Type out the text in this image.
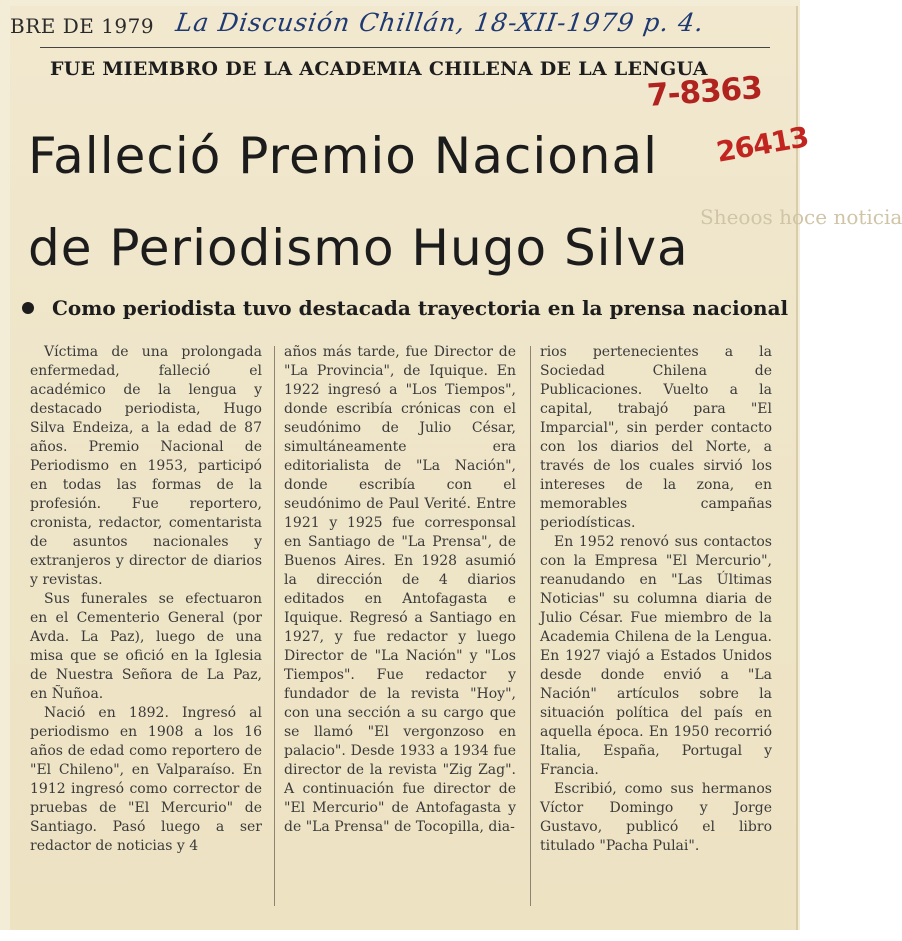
Sheoos hoce noticia
BRE DE 1979 La Discusión Chillán, 18-XII-1979 p. 4.
FUE MIEMBRO DE LA ACADEMIA CHILENA DE LA LENGUA
7-8363
26413
Falleció Premio Nacional
de Periodismo Hugo Silva
Como periodista tuvo destacada trayectoria en la prensa nacional

Víctima de una prolongada enfermedad, falleció el académico de la lengua y destacado periodista, Hugo Silva Endeiza, a la edad de 87 años. Premio Nacional de Periodismo en 1953, participó en todas las formas de la profesión. Fue reportero, cronista, redactor, comentarista de asuntos nacionales y extranjeros y director de diarios y revistas.

Sus funerales se efectuaron en el Cementerio General (por Avda. La Paz), luego de una misa que se ofició en la Iglesia de Nuestra Señora de La Paz, en Ñuñoa.

Nació en 1892. Ingresó al periodismo en 1908 a los 16 años de edad como reportero de "El Chileno", en Valparaíso. En 1912 ingresó como corrector de pruebas de "El Mercurio" de Santiago. Pasó luego a ser redactor de noticias y 4

años más tarde, fue Director de "La Provincia", de Iquique. En 1922 ingresó a "Los Tiempos", donde escribía crónicas con el seudónimo de Julio César, simultáneamente era editorialista de "La Nación", donde escribía con el seudónimo de Paul Verité. Entre 1921 y 1925 fue corresponsal en Santiago de "La Prensa", de Buenos Aires. En 1928 asumió la dirección de 4 diarios editados en Antofagasta e Iquique. Regresó a Santiago en 1927, y fue redactor y luego Director de "La Nación" y "Los Tiempos". Fue redactor y fundador de la revista "Hoy", con una sección a su cargo que se llamó "El vergonzoso en palacio". Desde 1933 a 1934 fue director de la revista "Zig Zag". A continuación fue director de "El Mercurio" de Antofagasta y de "La Prensa" de Tocopilla, dia-

rios pertenecientes a la Sociedad Chilena de Publicaciones. Vuelto a la capital, trabajó para "El Imparcial", sin perder contacto con los diarios del Norte, a través de los cuales sirvió los intereses de la zona, en memorables campañas periodísticas.

En 1952 renovó sus contactos con la Empresa "El Mercurio", reanudando en "Las Últimas Noticias" su columna diaria de Julio César. Fue miembro de la Academia Chilena de la Lengua. En 1927 viajó a Estados Unidos desde donde envió a "La Nación" artículos sobre la situación política del país en aquella época. En 1950 recorrió Italia, España, Portugal y Francia.

Escribió, como sus hermanos Víctor Domingo y Jorge Gustavo, publicó el libro titulado "Pacha Pulai".
